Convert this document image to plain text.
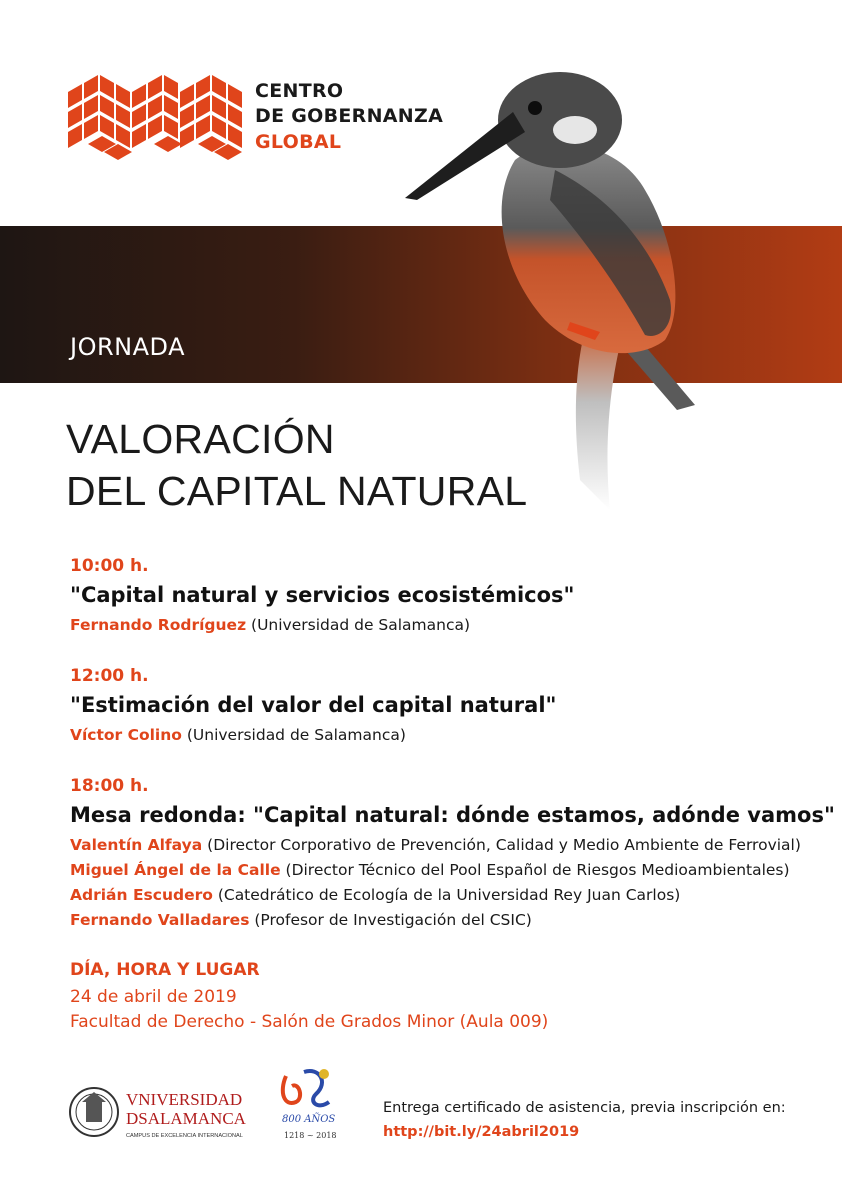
CENTRO
DE GOBERNANZA
GLOBAL
JORNADA
VALORACIÓN
DEL CAPITAL NATURAL
10:00 h.
"Capital natural y servicios ecosistémicos"
Fernando Rodríguez (Universidad de Salamanca)
12:00 h.
"Estimación del valor del capital natural"
Víctor Colino (Universidad de Salamanca)
18:00 h.
Mesa redonda: "Capital natural: dónde estamos, adónde vamos"
Valentín Alfaya (Director Corporativo de Prevención, Calidad y Medio Ambiente de Ferrovial)
Miguel Ángel de la Calle (Director Técnico del Pool Español de Riesgos Medioambientales)
Adrián Escudero (Catedrático de Ecología de la Universidad Rey Juan Carlos)
Fernando Valladares (Profesor de Investigación del CSIC)
DÍA, HORA Y LUGAR
24 de abril de 2019
Facultad de Derecho - Salón de Grados Minor (Aula 009)
VNIVERSIDAD
DSALAMANCA
CAMPUS DE EXCELENCIA INTERNACIONAL
800 AÑOS
1218 ~ 2018
Entrega certificado de asistencia, previa inscripción en:
http://bit.ly/24abril2019
